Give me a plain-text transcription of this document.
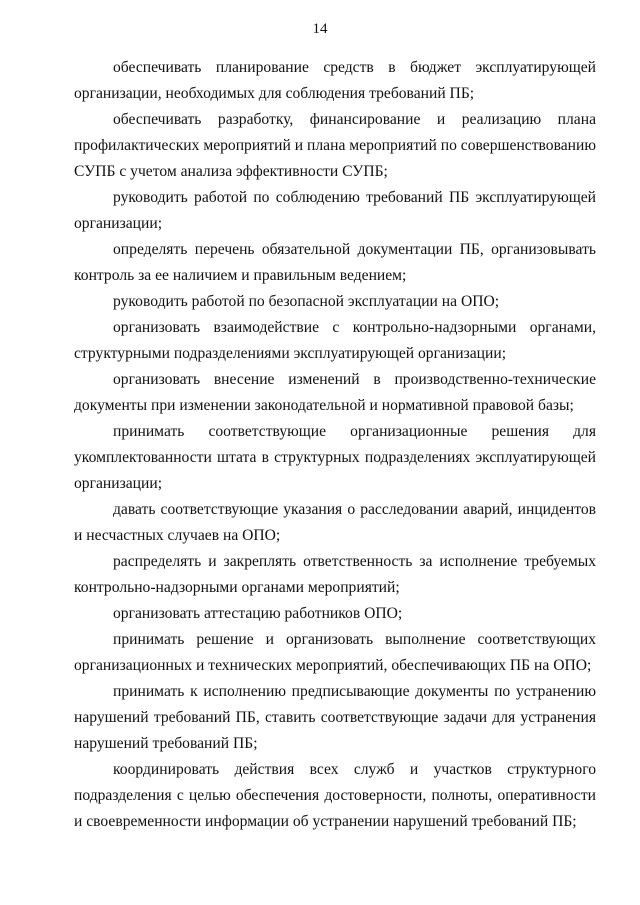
14

обеспечивать планирование средств в бюджет эксплуатирующей организации, необходимых для соблюдения требований ПБ;

обеспечивать разработку, финансирование и реализацию плана профилактических мероприятий и плана мероприятий по совершенствованию СУПБ с учетом анализа эффективности СУПБ;

руководить работой по соблюдению требований ПБ эксплуатирующей организации;

определять перечень обязательной документации ПБ, организовывать контроль за ее наличием и правильным ведением;

руководить работой по безопасной эксплуатации на ОПО;

организовать взаимодействие с контрольно-надзорными органами, структурными подразделениями эксплуатирующей организации;

организовать внесение изменений в производственно-технические документы при изменении законодательной и нормативной правовой базы;

принимать соответствующие организационные решения для укомплектованности штата в структурных подразделениях эксплуатирующей организации;

давать соответствующие указания о расследовании аварий, инцидентов и несчастных случаев на ОПО;

распределять и закреплять ответственность за исполнение требуемых контрольно-надзорными органами мероприятий;

организовать аттестацию работников ОПО;

принимать решение и организовать выполнение соответствующих организационных и технических мероприятий, обеспечивающих ПБ на ОПО;

принимать к исполнению предписывающие документы по устранению нарушений требований ПБ, ставить соответствующие задачи для устранения нарушений требований ПБ;

координировать действия всех служб и участков структурного подразделения с целью обеспечения достоверности, полноты, оперативности и своевременности информации об устранении нарушений требований ПБ;
